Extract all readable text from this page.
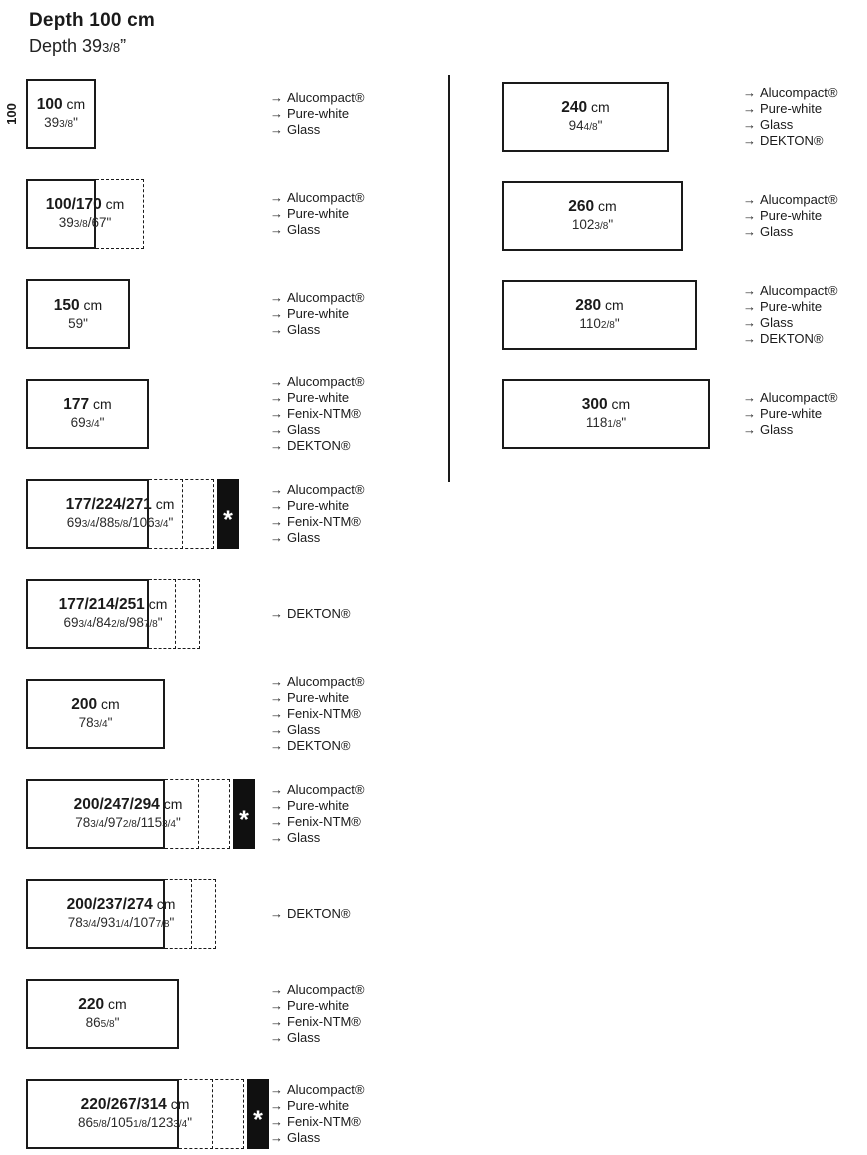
Depth 100 cm
Depth 393/8”
100 100 cm
393/8"
→ Alucompact®
→ Pure-white
→ Glass
100/170 cm
393/8/67"
→ Alucompact®
→ Pure-white
→ Glass
150 cm
59"
→ Alucompact®
→ Pure-white
→ Glass
177 cm
693/4"
→ Alucompact®
→ Pure-white
→ Fenix-NTM®
→ Glass
→ DEKTON®
177/224/271 cm
693/4/885/8/1063/4" *
→ Alucompact®
→ Pure-white
→ Fenix-NTM®
→ Glass
177/214/251 cm
693/4/842/8/987/8"
→ DEKTON®
200 cm
783/4"
→ Alucompact®
→ Pure-white
→ Fenix-NTM®
→ Glass
→ DEKTON®
200/247/294 cm
783/4/972/8/1153/4" *
→ Alucompact®
→ Pure-white
→ Fenix-NTM®
→ Glass
200/237/274 cm
783/4/931/4/1077/8"
→ DEKTON®
220 cm
865/8"
→ Alucompact®
→ Pure-white
→ Fenix-NTM®
→ Glass
220/267/314 cm
865/8/1051/8/1233/4" *
→ Alucompact®
→ Pure-white
→ Fenix-NTM®
→ Glass
240 cm
944/8"
→ Alucompact®
→ Pure-white
→ Glass
→ DEKTON®
260 cm
1023/8"
→ Alucompact®
→ Pure-white
→ Glass
280 cm
1102/8"
→ Alucompact®
→ Pure-white
→ Glass
→ DEKTON®
300 cm
1181/8"
→ Alucompact®
→ Pure-white
→ Glass
